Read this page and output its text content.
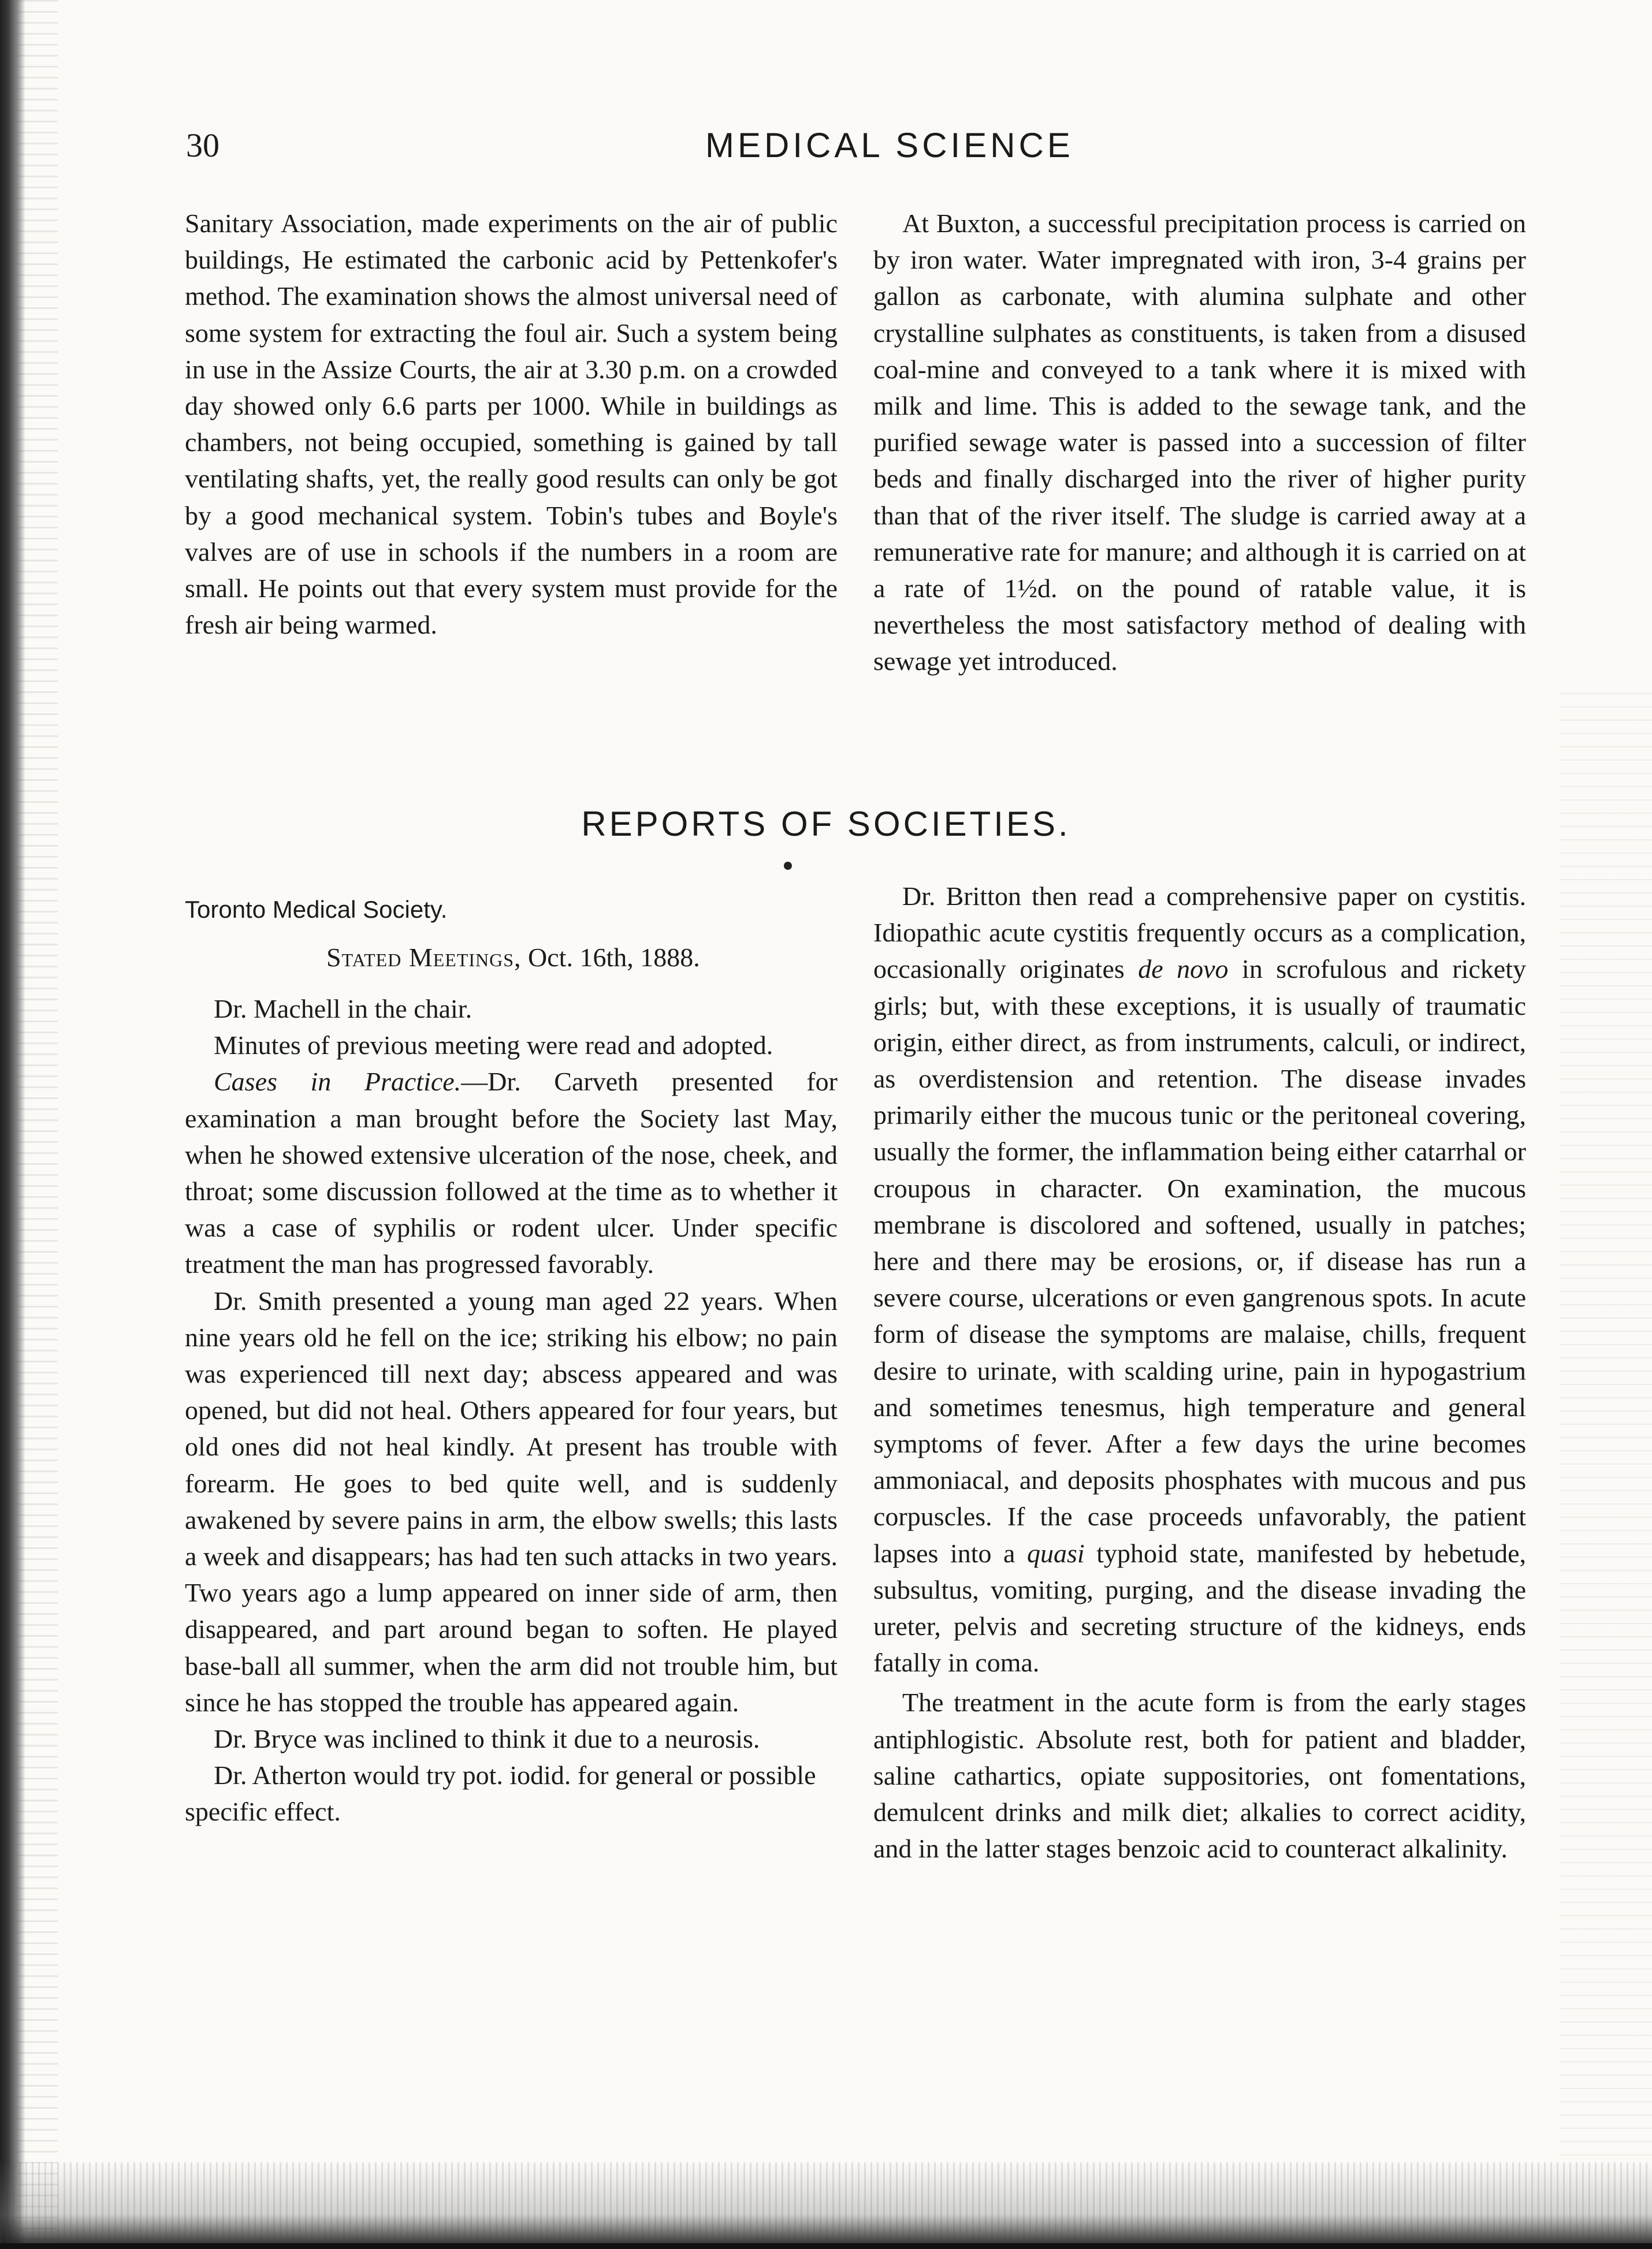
30	MEDICAL SCIENCE

Sanitary Association, made experiments on the air of public buildings, He estimated the carbonic acid by Pettenkofer's method. The examination shows the almost universal need of some system for extracting the foul air. Such a system being in use in the Assize Courts, the air at 3.30 p.m. on a crowded day showed only 6.6 parts per 1000. While in buildings as chambers, not being occupied, something is gained by tall ventilating shafts, yet, the really good results can only be got by a good mechanical system. Tobin's tubes and Boyle's valves are of use in schools if the numbers in a room are small. He points out that every system must provide for the fresh air being warmed.

At Buxton, a successful precipitation process is carried on by iron water. Water impregnated with iron, 3-4 grains per gallon as carbonate, with alumina sulphate and other crystalline sulphates as constituents, is taken from a disused coal-mine and conveyed to a tank where it is mixed with milk and lime. This is added to the sewage tank, and the purified sewage water is passed into a succession of filter beds and finally discharged into the river of higher purity than that of the river itself. The sludge is carried away at a remunerative rate for manure; and although it is carried on at a rate of 1½d. on the pound of ratable value, it is nevertheless the most satisfactory method of dealing with sewage yet introduced.

REPORTS OF SOCIETIES.
Toronto Medical Society.
Stated Meetings, Oct. 16th, 1888.

Dr. Machell in the chair.

Minutes of previous meeting were read and adopted.

Cases in Practice.—Dr. Carveth presented for examination a man brought before the Society last May, when he showed extensive ulceration of the nose, cheek, and throat; some discussion followed at the time as to whether it was a case of syphilis or rodent ulcer. Under specific treatment the man has progressed favorably.

Dr. Smith presented a young man aged 22 years. When nine years old he fell on the ice; striking his elbow; no pain was experienced till next day; abscess appeared and was opened, but did not heal. Others appeared for four years, but old ones did not heal kindly. At present has trouble with forearm. He goes to bed quite well, and is suddenly awakened by severe pains in arm, the elbow swells; this lasts a week and disappears; has had ten such attacks in two years. Two years ago a lump appeared on inner side of arm, then disappeared, and part around began to soften. He played base-ball all summer, when the arm did not trouble him, but since he has stopped the trouble has appeared again.

Dr. Bryce was inclined to think it due to a neurosis.

Dr. Atherton would try pot. iodid. for general or possible specific effect.

Dr. Britton then read a comprehensive paper on cystitis. Idiopathic acute cystitis frequently occurs as a complication, occasionally originates de novo in scrofulous and rickety girls; but, with these exceptions, it is usually of traumatic origin, either direct, as from instruments, calculi, or indirect, as overdistension and retention. The disease invades primarily either the mucous tunic or the peritoneal covering, usually the former, the inflammation being either catarrhal or croupous in character. On examination, the mucous membrane is discolored and softened, usually in patches; here and there may be erosions, or, if disease has run a severe course, ulcerations or even gangrenous spots. In acute form of disease the symptoms are malaise, chills, frequent desire to urinate, with scalding urine, pain in hypogastrium and sometimes tenesmus, high temperature and general symptoms of fever. After a few days the urine becomes ammoniacal, and deposits phosphates with mucous and pus corpuscles. If the case proceeds unfavorably, the patient lapses into a quasi typhoid state, manifested by hebetude, subsultus, vomiting, purging, and the disease invading the ureter, pelvis and secreting structure of the kidneys, ends fatally in coma.

The treatment in the acute form is from the early stages antiphlogistic. Absolute rest, both for patient and bladder, saline cathartics, opiate suppositories, ont fomentations, demulcent drinks and milk diet; alkalies to correct acidity, and in the latter stages benzoic acid to counteract alkalinity.
